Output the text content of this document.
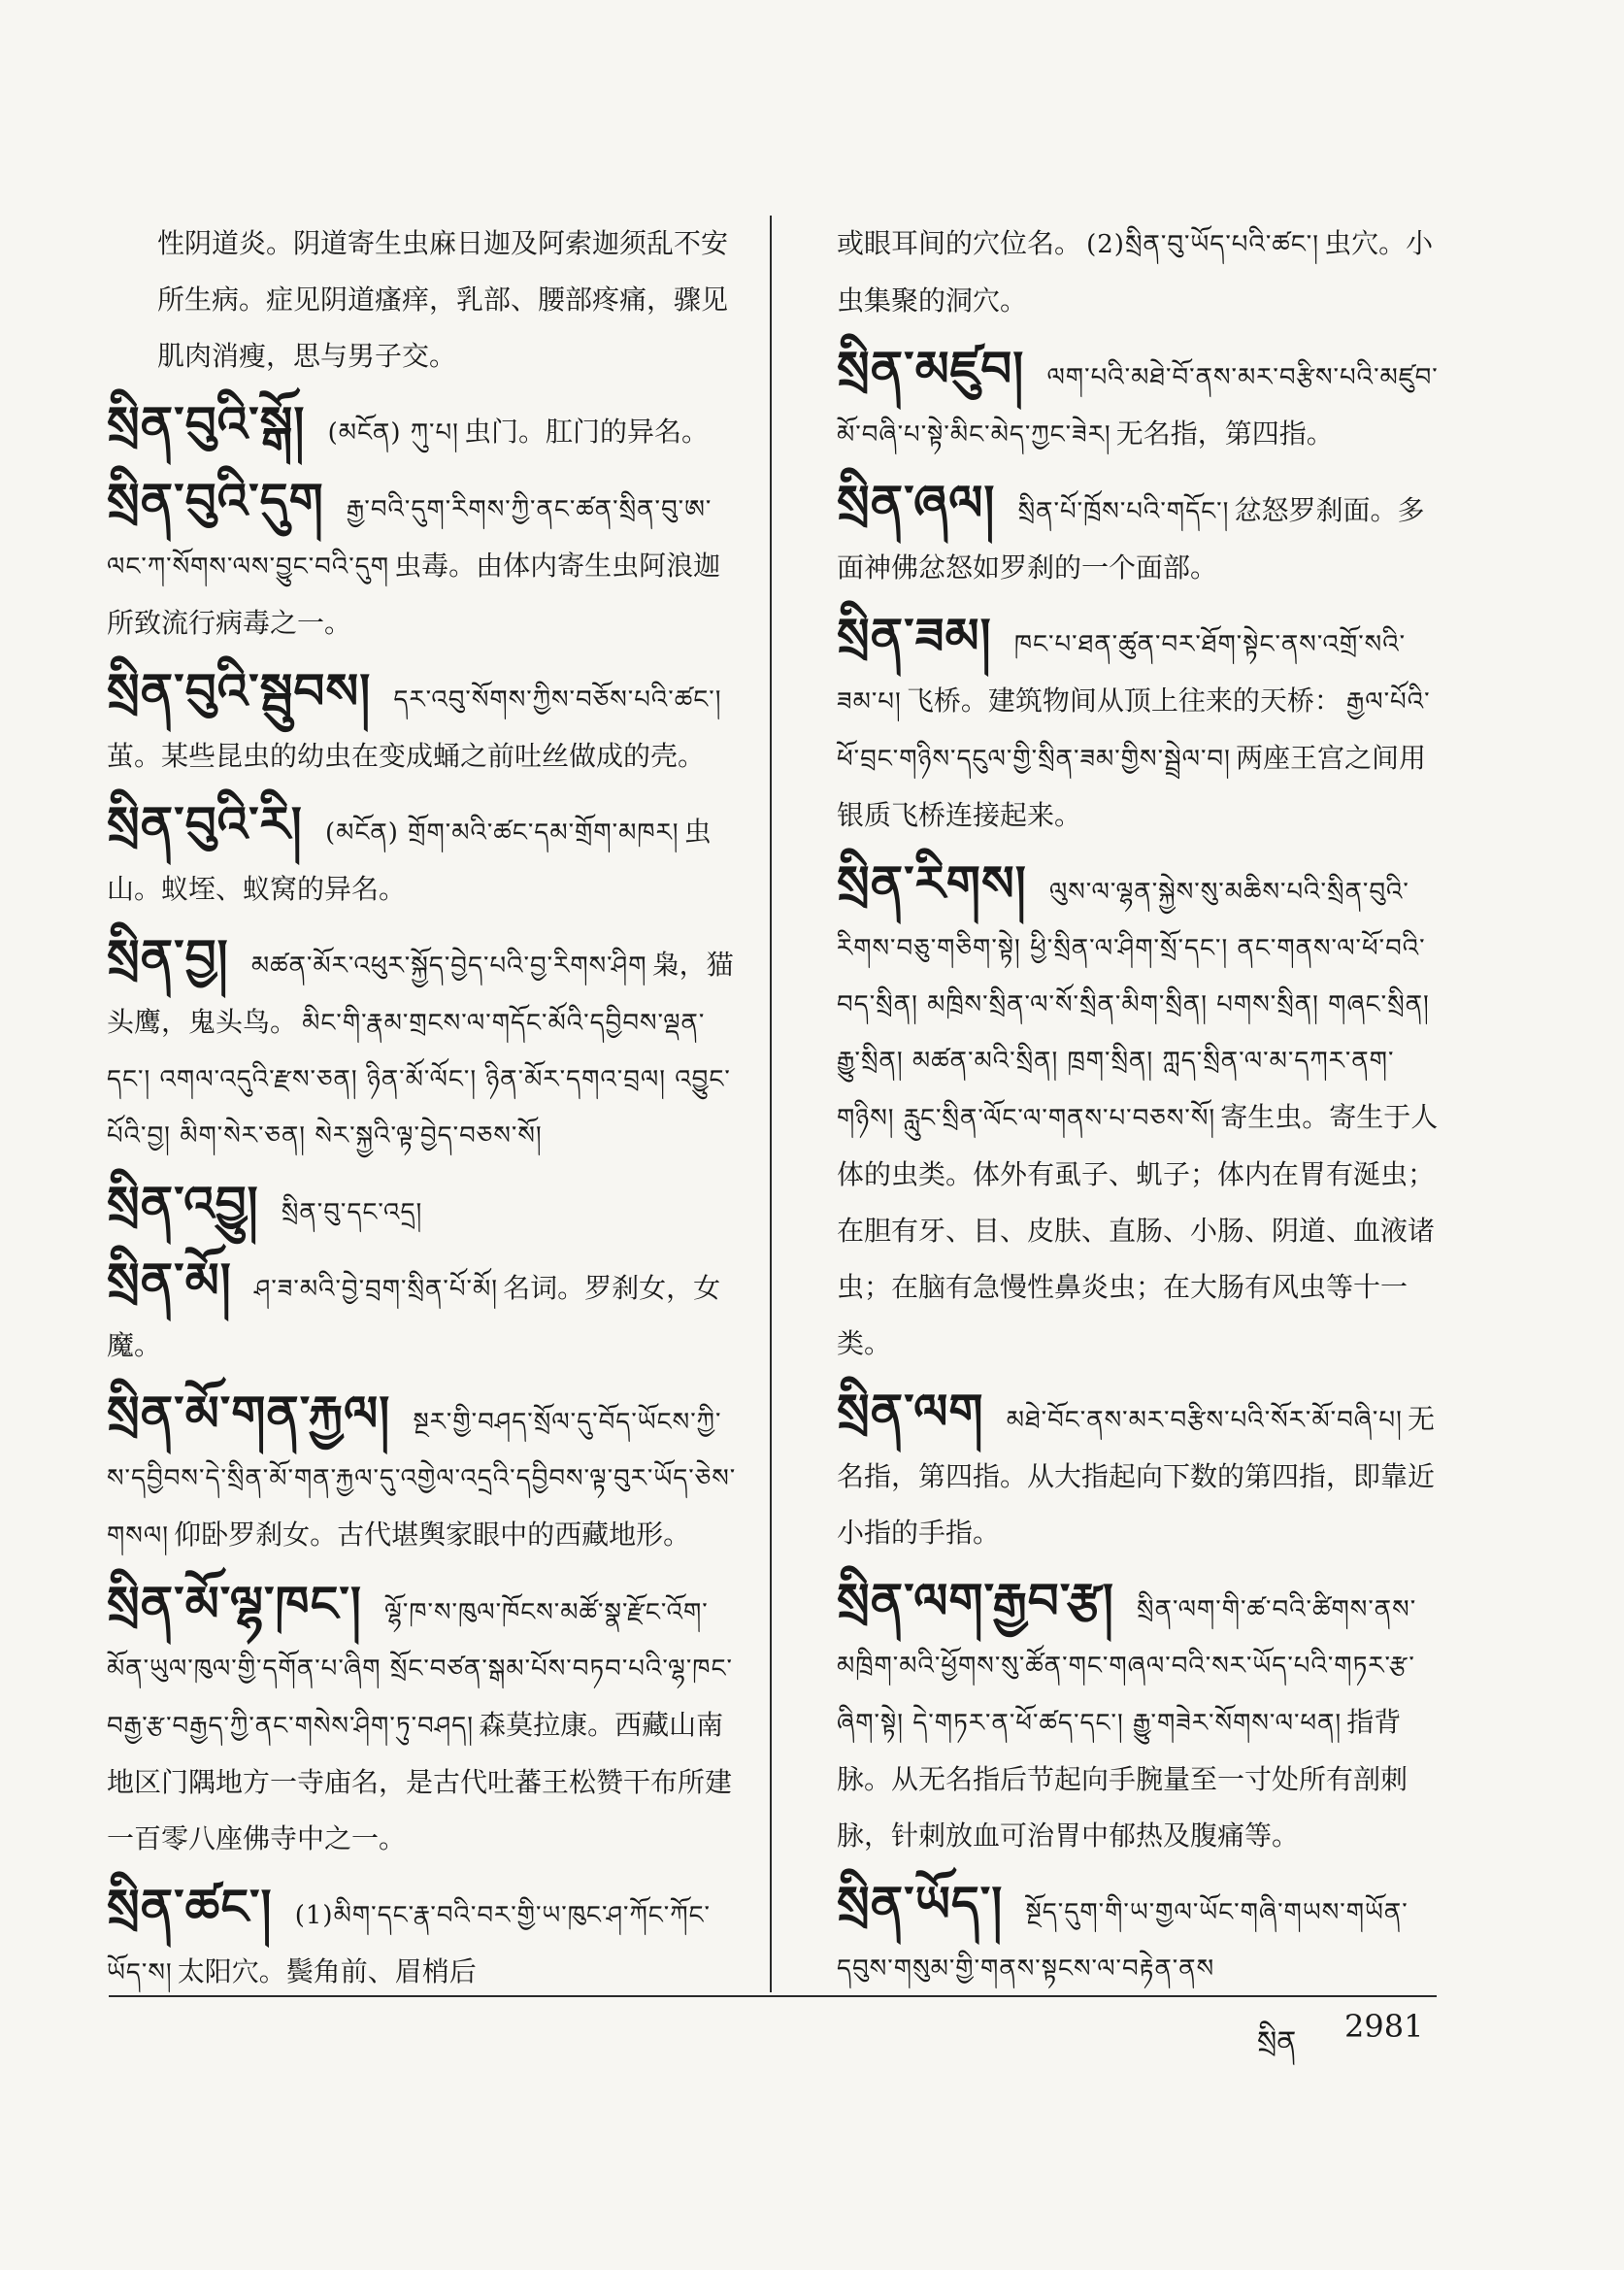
性阴道炎。阴道寄生虫麻日迦及阿索迦须乱不安所生病。症见阴道瘙痒，乳部、腰部疼痛，骤见肌肉消瘦，思与男子交。
སྲིན་བུའི་སྒོ། (མངོན) ཀུ་པ། 虫门。肛门的异名。
སྲིན་བུའི་དུག རྒྱ་བའི་དུག་རིགས་ཀྱི་ནང་ཚན་སྲིན་བུ་ཨ་ལང་ཀ་སོགས་ལས་བྱུང་བའི་དུག 虫毒。由体内寄生虫阿浪迦所致流行病毒之一。
སྲིན་བུའི་སྦུབས། དར་འབུ་སོགས་ཀྱིས་བཅོས་པའི་ཚང་། 茧。某些昆虫的幼虫在变成蛹之前吐丝做成的壳。
སྲིན་བུའི་རི། (མངོན) གྲོག་མའི་ཚང་དམ་གྲོག་མཁར། 虫山。蚁垤、蚁窝的异名。
སྲིན་བྱ། མཚན་མོར་འཕུར་སྐྱོད་བྱེད་པའི་བྱ་རིགས་ཤིག 枭，猫头鹰，鬼头鸟。 མིང་གི་རྣམ་གྲངས་ལ་གདོང་མོའི་དབྱིབས་ལྡན་དང་། འགལ་འདུའི་རྫས་ཅན། ཉིན་མོ་ལོང་། ཉིན་མོར་དགའ་བྲལ། འབྱུང་པོའི་བྱ། མིག་སེར་ཅན། སེར་སྐྱའི་ལྟ་བྱེད་བཅས་སོ།
སྲིན་འབྱུ། སྲིན་བུ་དང་འདྲ།
སྲིན་མོ། ཤ་ཟ་མའི་བྱེ་བྲག་སྲིན་པོ་མོ། 名词。罗刹女，女魔。
སྲིན་མོ་གན་རྐྱལ། སྔར་གྱི་བཤད་སྲོལ་དུ་བོད་ཡོངས་ཀྱི་ས་དབྱིབས་དེ་སྲིན་མོ་གན་རྐྱལ་དུ་འགྱེལ་འདྲའི་དབྱིབས་ལྟ་བུར་ཡོད་ཅེས་གསལ། 仰卧罗刹女。古代堪舆家眼中的西藏地形。
སྲིན་མོ་ལྷ་ཁང་། ལྷོ་ཁ་ས་ཁུལ་ཁོངས་མཚོ་སྣ་རྫོང་འོག་མོན་ཡུལ་ཁུལ་གྱི་དགོན་པ་ཞིག སྲོང་བཙན་སྒམ་པོས་བཏབ་པའི་ལྷ་ཁང་བརྒྱ་རྩ་བརྒྱད་ཀྱི་ནང་གསེས་ཤིག་ཏུ་བཤད། 森莫拉康。西藏山南地区门隅地方一寺庙名，是古代吐蕃王松赞干布所建一百零八座佛寺中之一。
སྲིན་ཚང་། (1)མིག་དང་རྣ་བའི་བར་གྱི་ཡ་ཁུང་ཤ་ཀོང་ཀོང་ཡོད་ས། 太阳穴。鬓角前、眉梢后
或眼耳间的穴位名。 (2)སྲིན་བུ་ཡོད་པའི་ཚང་། 虫穴。小虫集聚的洞穴。
སྲིན་མཛུབ། ལག་པའི་མཐེ་བོ་ནས་མར་བརྩིས་པའི་མཛུབ་མོ་བཞི་པ་སྟེ་མིང་མེད་ཀྱང་ཟེར། 无名指，第四指。
སྲིན་ཞལ། སྲིན་པོ་ཁྲོས་པའི་གདོང་། 忿怒罗刹面。多面神佛忿怒如罗刹的一个面部。
སྲིན་ཟམ། ཁང་པ་ཐན་ཚུན་བར་ཐོག་སྟེང་ནས་འགྲོ་སའི་ཟམ་པ། 飞桥。建筑物间从顶上往来的天桥： རྒྱལ་པོའི་ཕོ་བྲང་གཉིས་དངུལ་གྱི་སྲིན་ཟམ་གྱིས་སྦྲེལ་བ། 两座王宫之间用银质飞桥连接起来。
སྲིན་རིགས། ལུས་ལ་ལྷན་སྐྱེས་སུ་མཆིས་པའི་སྲིན་བུའི་རིགས་བཅུ་གཅིག་སྟེ། ཕྱི་སྲིན་ལ་ཤིག་སྲོ་དང་། ནང་གནས་ལ་ཕོ་བའི་བད་སྲིན། མཁྲིས་སྲིན་ལ་སོ་སྲིན་མིག་སྲིན། པགས་སྲིན། གཞང་སྲིན། རྒྱུ་སྲིན། མཚན་མའི་སྲིན། ཁྲག་སྲིན། ཀླད་སྲིན་ལ་མ་དཀར་ནག་གཉིས། རླུང་སྲིན་ལོང་ལ་གནས་པ་བཅས་སོ། 寄生虫。寄生于人体的虫类。体外有虱子、虮子；体内在胃有涎虫；在胆有牙、目、皮肤、直肠、小肠、阴道、血液诸虫；在脑有急慢性鼻炎虫；在大肠有风虫等十一类。
སྲིན་ལག མཐེ་བོང་ནས་མར་བརྩིས་པའི་སོར་མོ་བཞི་པ། 无名指，第四指。从大指起向下数的第四指，即靠近小指的手指。
སྲིན་ལག་རྒྱབ་རྩ། སྲིན་ལག་གི་ཚ་བའི་ཚིགས་ནས་མཁྲིག་མའི་ཕྱོགས་སུ་ཚོན་གང་གཞལ་བའི་སར་ཡོད་པའི་གཏར་རྩ་ཞིག་སྟེ། དེ་གཏར་ན་ཕོ་ཚད་དང་། རྒྱུ་གཟེར་སོགས་ལ་ཕན། 指背脉。从无名指后节起向手腕量至一寸处所有剖刺脉，针刺放血可治胃中郁热及腹痛等。
སྲིན་ཡོད་། སྔོད་དུག་གི་ཡ་གྱལ་ཡོང་གཞི་གཡས་གཡོན་དབུས་གསུམ་གྱི་གནས་སྟངས་ལ་བརྟེན་ནས
སྲིན 2981
